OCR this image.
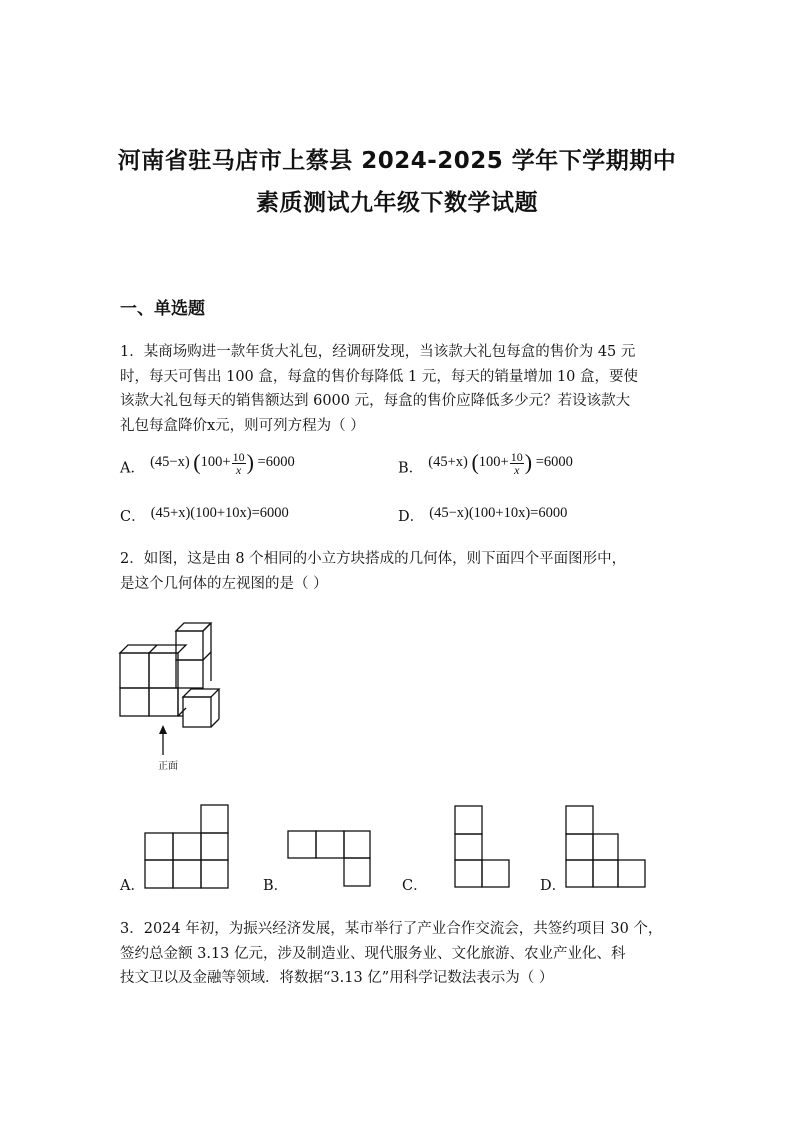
河南省驻马店市上蔡县 2024-2025 学年下学期期中
素质测试九年级下数学试题
一、单选题
1．某商场购进一款年货大礼包，经调研发现，当该款大礼包每盒的售价为 45 元
时，每天可售出 100 盒，每盒的售价每降低 1 元，每天的销量增加 10 盒，要使
该款大礼包每天的销售额达到 6000 元，每盒的售价应降低多少元？若设该款大
礼包每盒降价x元，则可列方程为（ ）
A． (45−x) ($100+ \frac{10}{x}$ ) =6000	B． (45+x) ($100+ \frac{10}{x}$ ) =6000
C． (45+x)(100+10x)=6000	D． (45−x)(100+10x)=6000
2．如图，这是由 8 个相同的小立方块搭成的几何体，则下面四个平面图形中，
是这个几何体的左视图的是（ ）
正面
A．	B．	C．	D．
3．2024 年初，为振兴经济发展，某市举行了产业合作交流会，共签约项目 30 个，
签约总金额 3.13 亿元，涉及制造业、现代服务业、文化旅游、农业产业化、科
技文卫以及金融等领域．将数据“3.13 亿”用科学记数法表示为（ ）
